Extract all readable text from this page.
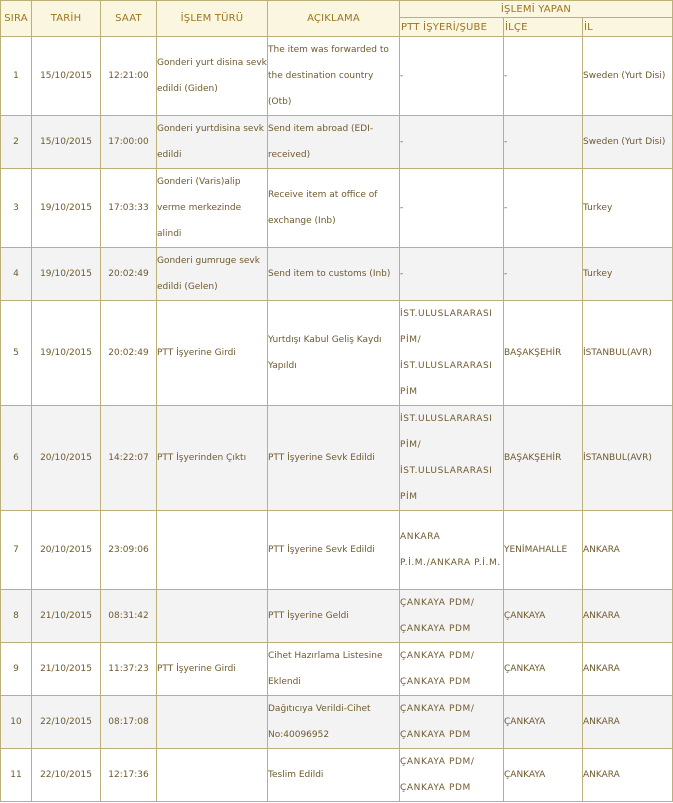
SIRA	TARİH	SAAT	İŞLEM TÜRÜ	AÇIKLAMA	İŞLEMİ YAPAN		
					PTT İŞYERİ/ŞUBE	İLÇE	İL
1	15/10/2015	12:21:00	Gonderi yurt disina sevk edildi (Giden)	The item was forwarded to the destination country (Otb)	-	-	Sweden (Yurt Disi)
2	15/10/2015	17:00:00	Gonderi yurtdisina sevk edildi	Send item abroad (EDI-received)	-	-	Sweden (Yurt Disi)
3	19/10/2015	17:03:33	Gonderi (Varis)alip verme merkezinde alindi	Receive item at office of exchange (Inb)	-	-	Turkey
4	19/10/2015	20:02:49	Gonderi gumruge sevk edildi (Gelen)	Send item to customs (Inb)	-	-	Turkey
5	19/10/2015	20:02:49	PTT İşyerine Girdi	Yurtdışı Kabul Geliş Kaydı Yapıldı	İST.ULUSLARARASI PİM/ İST.ULUSLARARASI PİM	BAŞAKŞEHİR	İSTANBUL(AVR)
6	20/10/2015	14:22:07	PTT İşyerinden Çıktı	PTT İşyerine Sevk Edildi	İST.ULUSLARARASI PİM/ İST.ULUSLARARASI PİM	BAŞAKŞEHİR	İSTANBUL(AVR)
7	20/10/2015	23:09:06		PTT İşyerine Sevk Edildi	ANKARA P.İ.M./ANKARA P.İ.M.	YENİMAHALLE	ANKARA
8	21/10/2015	08:31:42		PTT İşyerine Geldi	ÇANKAYA PDM/ ÇANKAYA PDM	ÇANKAYA	ANKARA
9	21/10/2015	11:37:23	PTT İşyerine Girdi	Cihet Hazırlama Listesine Eklendi	ÇANKAYA PDM/ ÇANKAYA PDM	ÇANKAYA	ANKARA
10	22/10/2015	08:17:08		Dağıtıcıya Verildi-Cihet No:40096952	ÇANKAYA PDM/ ÇANKAYA PDM	ÇANKAYA	ANKARA
11	22/10/2015	12:17:36		Teslim Edildi	ÇANKAYA PDM/ ÇANKAYA PDM	ÇANKAYA	ANKARA
